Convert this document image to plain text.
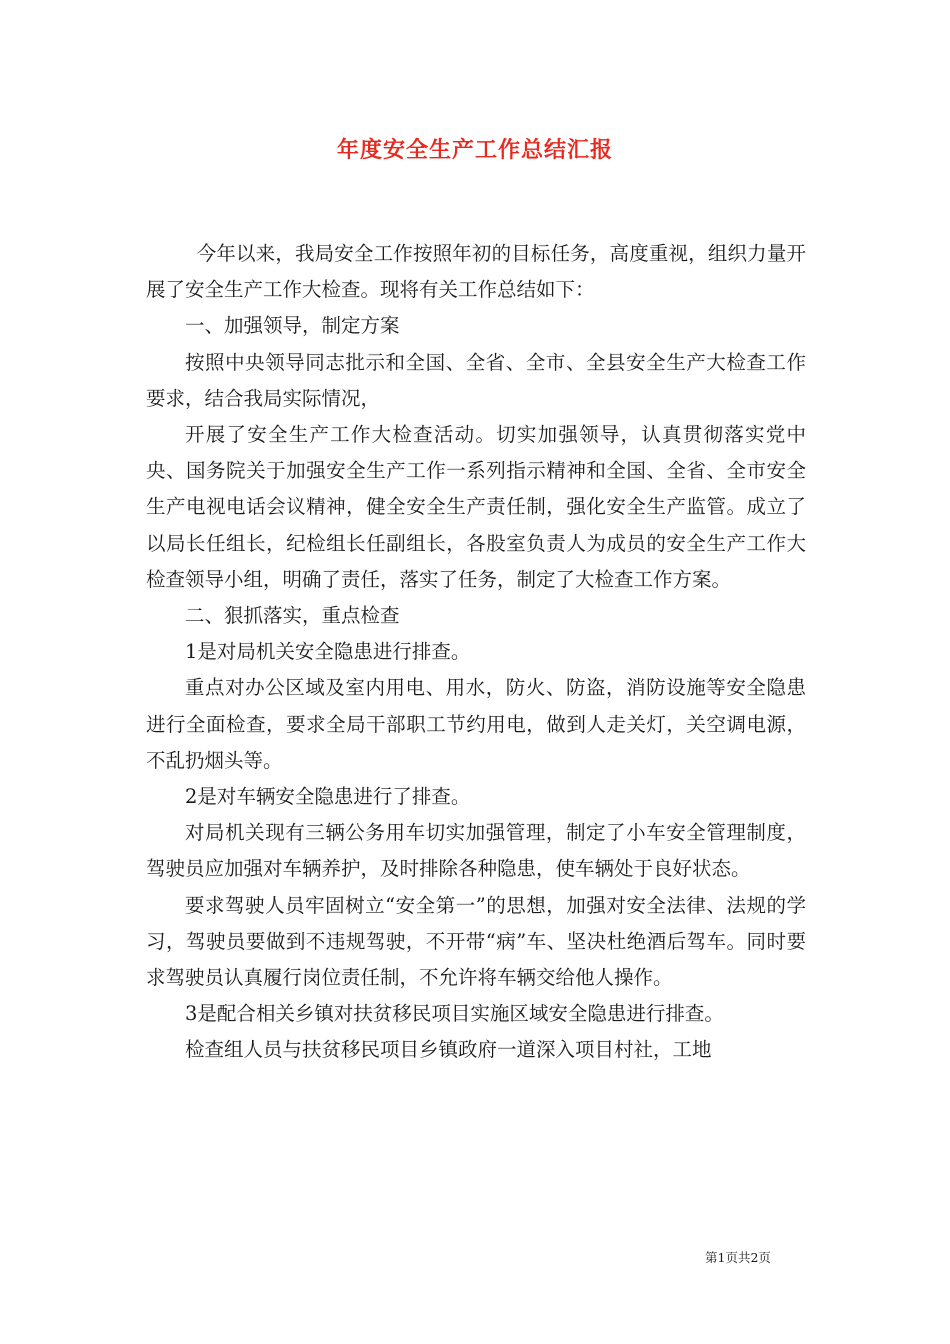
年度安全生产工作总结汇报

今年以来，我局安全工作按照年初的目标任务，高度重视，组织力量开展了安全生产工作大检查。现将有关工作总结如下：

一、加强领导，制定方案

按照中央领导同志批示和全国、全省、全市、全县安全生产大检查工作要求，结合我局实际情况，

开展了安全生产工作大检查活动。切实加强领导，认真贯彻落实党中央、国务院关于加强安全生产工作一系列指示精神和全国、全省、全市安全生产电视电话会议精神，健全安全生产责任制，强化安全生产监管。成立了以局长任组长，纪检组长任副组长，各股室负责人为成员的安全生产工作大检查领导小组，明确了责任，落实了任务，制定了大检查工作方案。

二、狠抓落实，重点检查

1是对局机关安全隐患进行排查。

重点对办公区域及室内用电、用水，防火、防盗，消防设施等安全隐患进行全面检查，要求全局干部职工节约用电，做到人走关灯，关空调电源，不乱扔烟头等。

2是对车辆安全隐患进行了排查。

对局机关现有三辆公务用车切实加强管理，制定了小车安全管理制度，驾驶员应加强对车辆养护，及时排除各种隐患，使车辆处于良好状态。

要求驾驶人员牢固树立“安全第一”的思想，加强对安全法律、法规的学习，驾驶员要做到不违规驾驶，不开带“病”车、坚决杜绝酒后驾车。同时要求驾驶员认真履行岗位责任制，不允许将车辆交给他人操作。

3是配合相关乡镇对扶贫移民项目实施区域安全隐患进行排查。

检查组人员与扶贫移民项目乡镇政府一道深入项目村社，工地

第1页共2页
